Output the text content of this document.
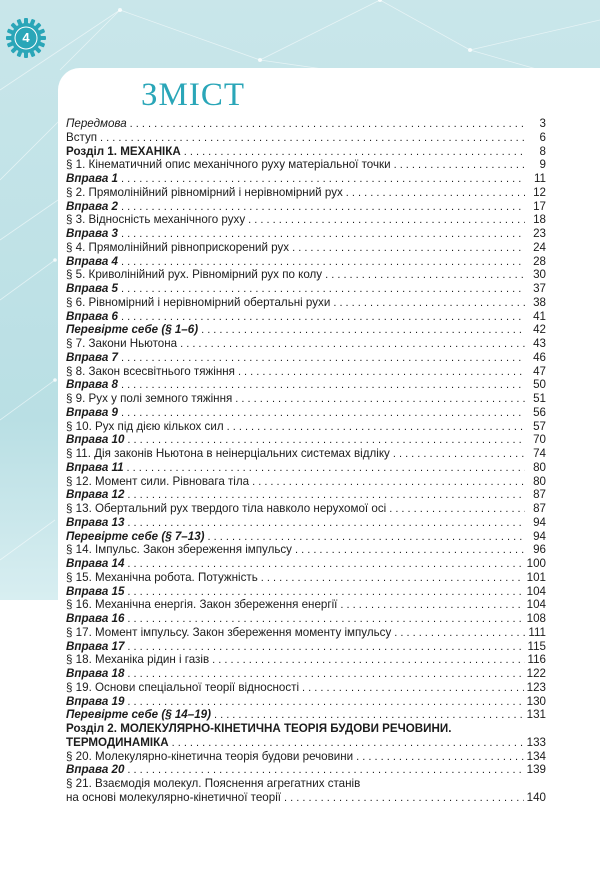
4
ЗМІСТ
Передмова . . .	3
Вступ . . .	6
Розділ 1. МЕХАНІКА . . .	8
§ 1. Кінематичний опис механічного руху матеріальної точки . . .	9
Вправа 1 . . .	11
§ 2. Прямолінійний рівномірний і нерівномірний рух . . .	12
Вправа 2 . . .	17
§ 3. Відносність механічного руху . . .	18
Вправа 3 . . .	23
§ 4. Прямолінійний рівноприскорений рух . . .	24
Вправа 4 . . .	28
§ 5. Криволінійний рух. Рівномірний рух по колу . . .	30
Вправа 5 . . .	37
§ 6. Рівномірний і нерівномірний обертальні рухи . . .	38
Вправа 6 . . .	41
Перевірте себе (§ 1–6) . . .	42
§ 7. Закони Ньютона . . .	43
Вправа 7 . . .	46
§ 8. Закон всесвітнього тяжіння . . .	47
Вправа 8 . . .	50
§ 9. Рух у полі земного тяжіння . . .	51
Вправа 9 . . .	56
§ 10. Рух під дією кількох сил . . .	57
Вправа 10 . . .	70
§ 11. Дія законів Ньютона в неінерціальних системах відліку . . .	74
Вправа 11 . . .	80
§ 12. Момент сили. Рівновага тіла . . .	80
Вправа 12 . . .	87
§ 13. Обертальний рух твердого тіла навколо нерухомої осі . . .	87
Вправа 13 . . .	94
Перевірте себе (§ 7–13) . . .	94
§ 14. Імпульс. Закон збереження імпульсу . . .	96
Вправа 14 . . .	100
§ 15. Механічна робота. Потужність . . .	101
Вправа 15 . . .	104
§ 16. Механічна енергія. Закон збереження енергії . . .	104
Вправа 16 . . .	108
§ 17. Момент імпульсу. Закон збереження моменту імпульсу . . .	111
Вправа 17 . . .	115
§ 18. Механіка рідин і газів . . .	116
Вправа 18 . . .	122
§ 19. Основи спеціальної теорії відносності . . .	123
Вправа 19 . . .	130
Перевірте себе (§ 14–19) . . .	131
Розділ 2. МОЛЕКУЛЯРНО-КІНЕТИЧНА ТЕОРІЯ БУДОВИ РЕЧОВИНИ.
ТЕРМОДИНАМІКА . . .	133
§ 20. Молекулярно-кінетична теорія будови речовини . . .	134
Вправа 20 . . .	139
§ 21. Взаємодія молекул. Пояснення агрегатних станів
на основі молекулярно-кінетичної теорії . . .	140
